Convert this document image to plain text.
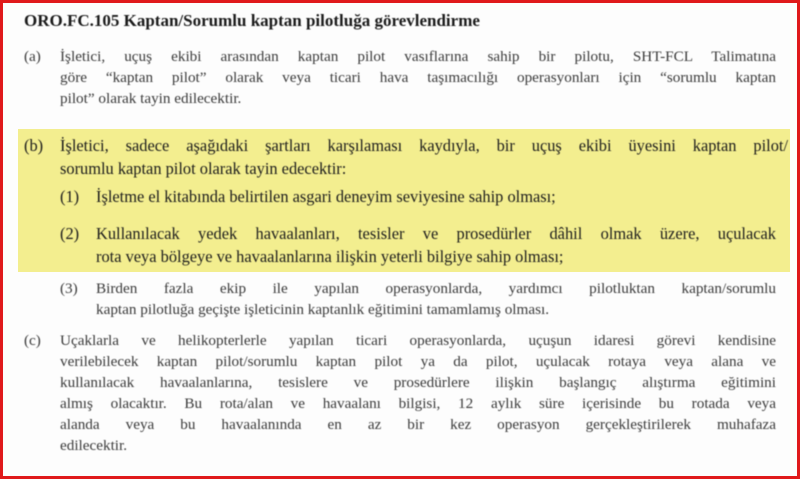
ORO.FC.105 Kaptan/Sorumlu kaptan pilotluğa görevlendirme
(a) İşletici, uçuş ekibi arasından kaptan pilot vasıflarına sahip bir pilotu, SHT-FCL Talimatına
göre “kaptan pilot” olarak veya ticari hava taşımacılığı operasyonları için “sorumlu kaptan
pilot” olarak tayin edilecektir.
(b) İşletici, sadece aşağıdaki şartları karşılaması kaydıyla, bir uçuş ekibi üyesini kaptan pilot/
sorumlu kaptan pilot olarak tayin edecektir:
(1) İşletme el kitabında belirtilen asgari deneyim seviyesine sahip olması;
(2) Kullanılacak yedek havaalanları, tesisler ve prosedürler dâhil olmak üzere, uçulacak
rota veya bölgeye ve havaalanlarına ilişkin yeterli bilgiye sahip olması;
(3) Birden fazla ekip ile yapılan operasyonlarda, yardımcı pilotluktan kaptan/sorumlu
kaptan pilotluğa geçişte işleticinin kaptanlık eğitimini tamamlamış olması.
(c) Uçaklarla ve helikopterlerle yapılan ticari operasyonlarda, uçuşun idaresi görevi kendisine
verilebilecek kaptan pilot/sorumlu kaptan pilot ya da pilot, uçulacak rotaya veya alana ve
kullanılacak havaalanlarına, tesislere ve prosedürlere ilişkin başlangıç alıştırma eğitimini
almış olacaktır. Bu rota/alan ve havaalanı bilgisi, 12 aylık süre içerisinde bu rotada veya
alanda veya bu havaalanında en az bir kez operasyon gerçekleştirilerek muhafaza
edilecektir.
